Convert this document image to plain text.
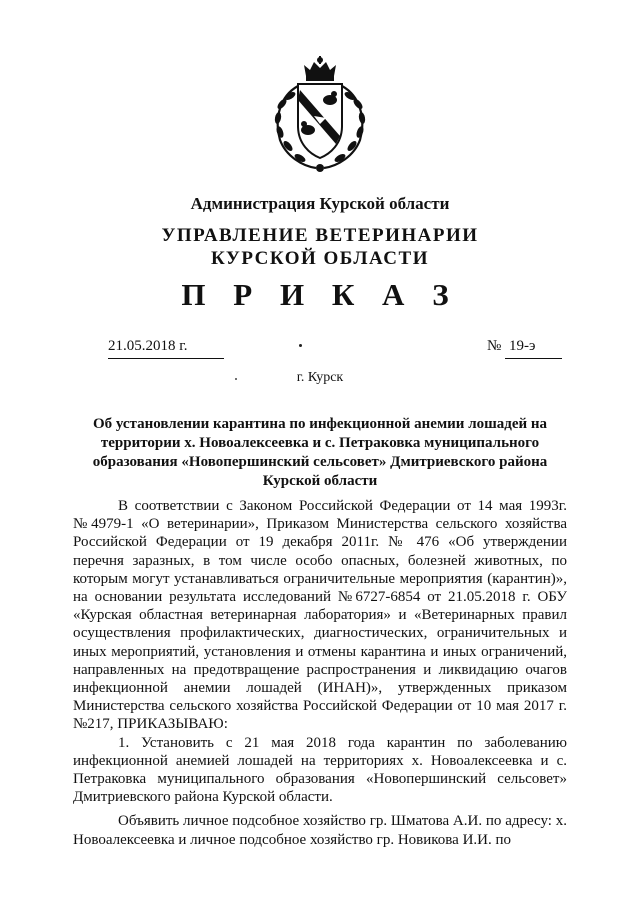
Администрация Курской области
УПРАВЛЕНИЕ ВЕТЕРИНАРИИ
КУРСКОЙ ОБЛАСТИ
П Р И К А З
21.05.2018 г.	№ 19-э
г. Курск
Об установлении карантина по инфекционной анемии лошадей на территории х. Новоалексеевка и с. Петраковка муниципального образования «Новопершинский сельсовет» Дмитриевского района Курской области

В соответствии с Законом Российской Федерации от 14 мая 1993г. №4979-1 «О ветеринарии», Приказом Министерства сельского хозяйства Российской Федерации от 19 декабря 2011г. № 476 «Об утверждении перечня заразных, в том числе особо опасных, болезней животных, по которым могут устанавливаться ограничительные мероприятия (карантин)», на основании результата исследований №6727-6854 от 21.05.2018 г. ОБУ «Курская областная ветеринарная лаборатория» и «Ветеринарных правил осуществления профилактических, диагностических, ограничительных и иных мероприятий, установления и отмены карантина и иных ограничений, направленных на предотвращение распространения и ликвидацию очагов инфекционной анемии лошадей (ИНАН)», утвержденных приказом Министерства сельского хозяйства Российской Федерации от 10 мая 2017 г. №217, ПРИКАЗЫВАЮ:

1. Установить с 21 мая 2018 года карантин по заболеванию инфекционной анемией лошадей на территориях х. Новоалексеевка и с. Петраковка муниципального образования «Новопершинский сельсовет» Дмитриевского района Курской области.

Объявить личное подсобное хозяйство гр. Шматова А.И. по адресу: х. Новоалексеевка и личное подсобное хозяйство гр. Новикова И.И. по
